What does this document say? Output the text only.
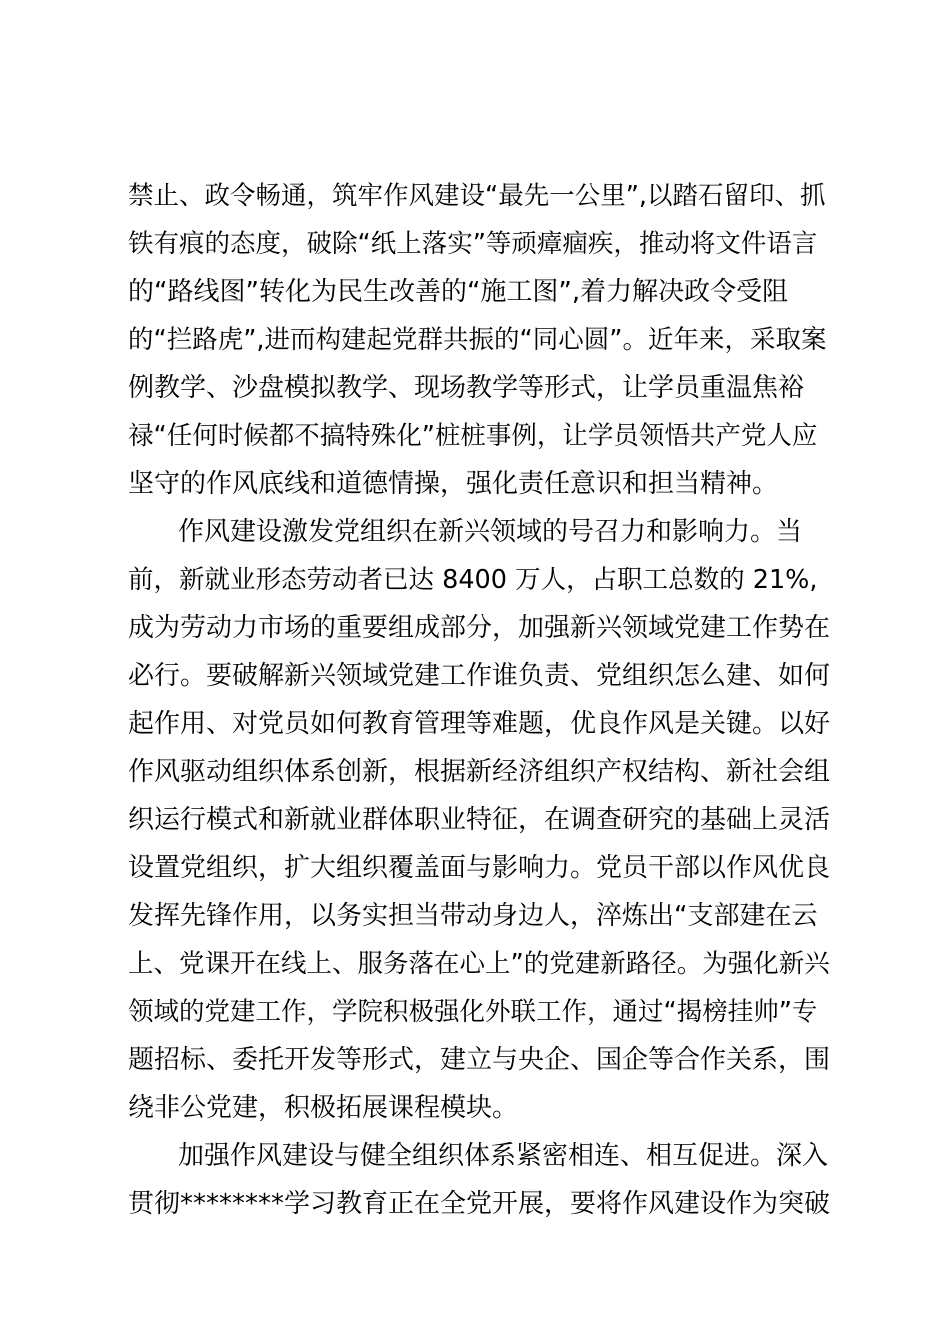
禁止、政令畅通，筑牢作风建设“最先一公里”,以踏石留印、抓
铁有痕的态度，破除“纸上落实”等顽瘴痼疾，推动将文件语言
的“路线图”转化为民生改善的“施工图”,着力解决政令受阻
的“拦路虎”,进而构建起党群共振的“同心圆”。近年来，采取案
例教学、沙盘模拟教学、现场教学等形式，让学员重温焦裕
禄“任何时候都不搞特殊化”桩桩事例，让学员领悟共产党人应
坚守的作风底线和道德情操，强化责任意识和担当精神。
作风建设激发党组织在新兴领域的号召力和影响力。当
前，新就业形态劳动者已达 8400 万人，占职工总数的 21%,
成为劳动力市场的重要组成部分，加强新兴领域党建工作势在
必行。要破解新兴领域党建工作谁负责、党组织怎么建、如何
起作用、对党员如何教育管理等难题，优良作风是关键。以好
作风驱动组织体系创新，根据新经济组织产权结构、新社会组
织运行模式和新就业群体职业特征，在调查研究的基础上灵活
设置党组织，扩大组织覆盖面与影响力。党员干部以作风优良
发挥先锋作用，以务实担当带动身边人，淬炼出“支部建在云
上、党课开在线上、服务落在心上”的党建新路径。为强化新兴
领域的党建工作，学院积极强化外联工作，通过“揭榜挂帅”专
题招标、委托开发等形式，建立与央企、国企等合作关系，围
绕非公党建，积极拓展课程模块。
加强作风建设与健全组织体系紧密相连、相互促进。深入
贯彻********学习教育正在全党开展，要将作风建设作为突破
